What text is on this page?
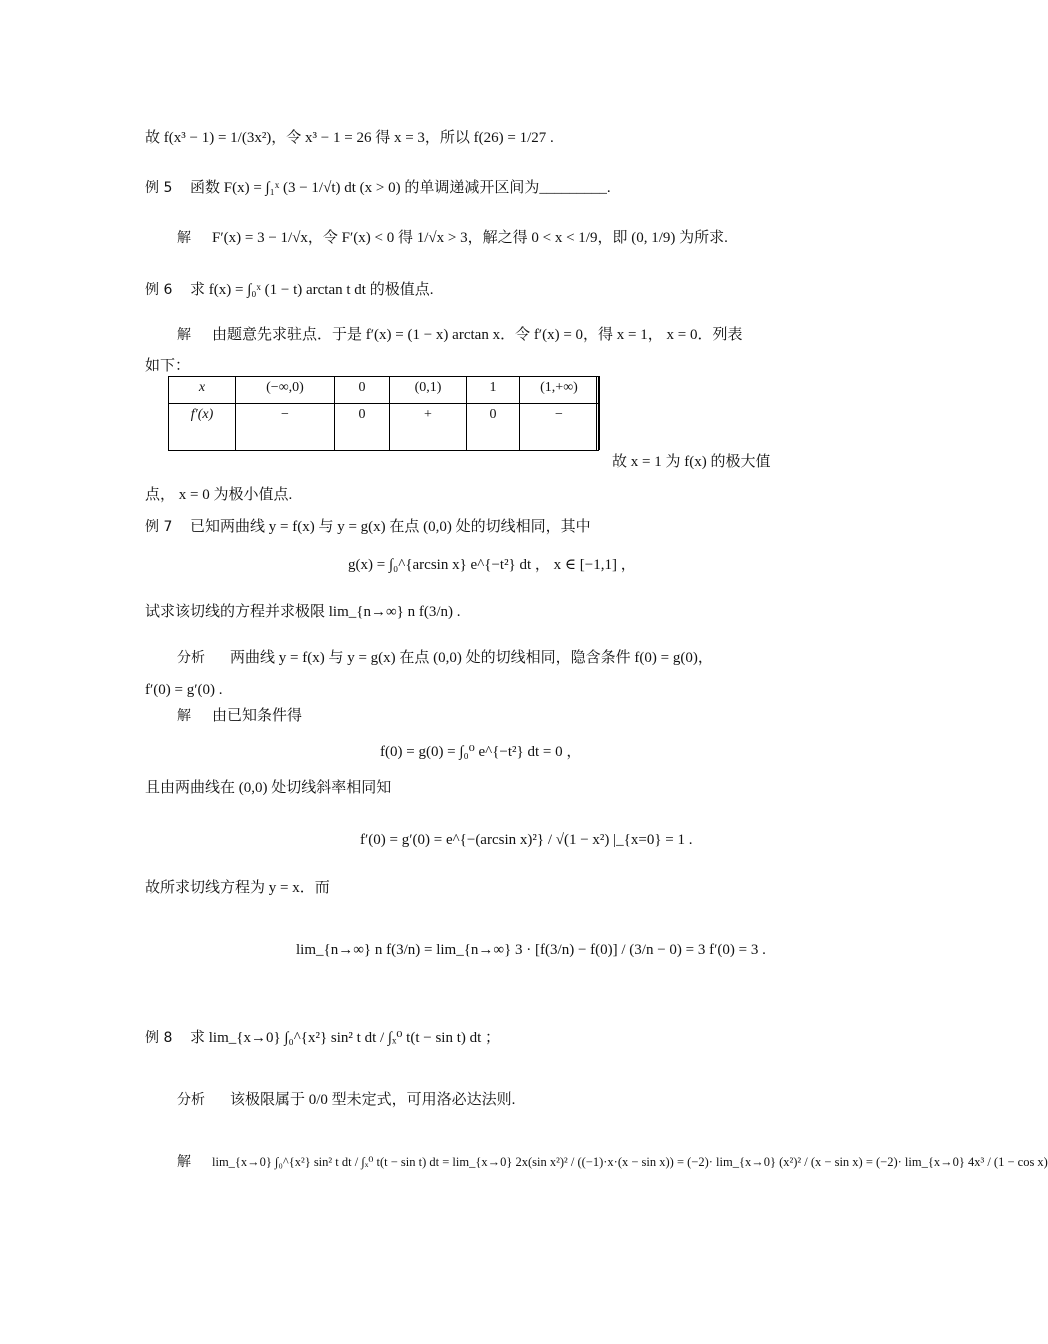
故 f(x³ − 1) = 1/(3x²)，令 x³ − 1 = 26 得 x = 3，所以 f(26) = 1/27 .
例 5 函数 F(x) = ∫₁ˣ (3 − 1/√t) dt (x > 0) 的单调递减开区间为_________.
解 F′(x) = 3 − 1/√x，令 F′(x) < 0 得 1/√x > 3，解之得 0 < x < 1/9，即 (0, 1/9) 为所求.
例 6 求 f(x) = ∫₀ˣ (1 − t) arctan t dt 的极值点.
解 由题意先求驻点．于是 f′(x) = (1 − x) arctan x．令 f′(x) = 0，得 x = 1， x = 0．列表
如下：
x	(−∞,0)	0	(0,1)	1	(1,+∞)
f′(x)	−	0	+	0	−
故 x = 1 为 f(x) 的极大值
点， x = 0 为极小值点.
例 7 已知两曲线 y = f(x) 与 y = g(x) 在点 (0,0) 处的切线相同，其中
g(x) = ∫₀^{arcsin x} e^{−t²} dt ， x ∈ [−1,1] ，
试求该切线的方程并求极限 lim_{n→∞} n f(3/n) .
分析 两曲线 y = f(x) 与 y = g(x) 在点 (0,0) 处的切线相同，隐含条件 f(0) = g(0)，
f′(0) = g′(0) .
解 由已知条件得
f(0) = g(0) = ∫₀⁰ e^{−t²} dt = 0 ，
且由两曲线在 (0,0) 处切线斜率相同知
f′(0) = g′(0) = e^{−(arcsin x)²} / √(1 − x²) |_{x=0} = 1 .
故所求切线方程为 y = x．而
lim_{n→∞} n f(3/n) = lim_{n→∞} 3 · [f(3/n) − f(0)] / (3/n − 0) = 3 f′(0) = 3 .
例 8 求 lim_{x→0} ∫₀^{x²} sin² t dt / ∫ₓ⁰ t(t − sin t) dt ；
分析 该极限属于 0/0 型未定式，可用洛必达法则.
解 lim_{x→0} ∫₀^{x²} sin² t dt / ∫ₓ⁰ t(t − sin t) dt = lim_{x→0} 2x(sin x²)² / ((−1)·x·(x − sin x)) = (−2)· lim_{x→0} (x²)² / (x − sin x) = (−2)· lim_{x→0} 4x³ / (1 − cos x)
